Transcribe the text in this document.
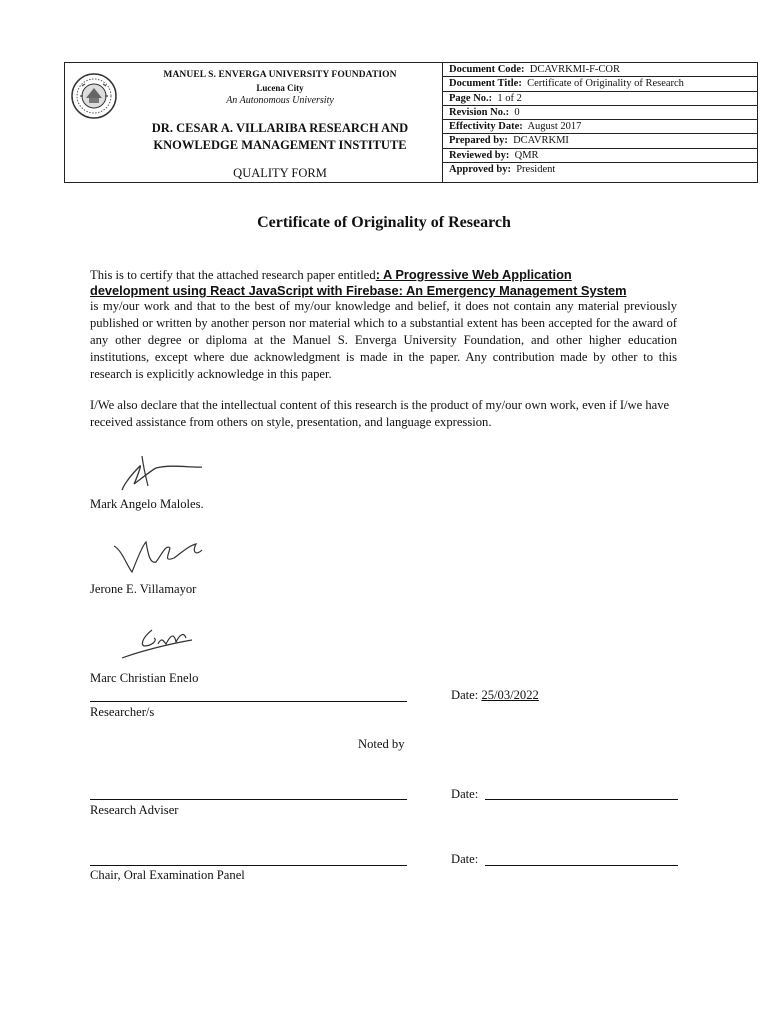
MANUEL S. ENVERGA UNIVERSITY FOUNDATION
Lucena City
An Autonomous University
DR. CESAR A. VILLARIBA RESEARCH AND
KNOWLEDGE MANAGEMENT INSTITUTE
QUALITY FORM
Document Code: DCAVRKMI-F-COR
Document Title: Certificate of Originality of Research
Page No.: 1 of 2
Revision No.: 0
Effectivity Date: August 2017
Prepared by: DCAVRKMI
Reviewed by: QMR
Approved by: President
Certificate of Originality of Research
This is to certify that the attached research paper entitled: A Progressive Web Application
development using React JavaScript with Firebase: An Emergency Management System
is my/our work and that to the best of my/our knowledge and belief, it does not contain any material previously published or written by another person nor material which to a substantial extent has been accepted for the award of any other degree or diploma at the Manuel S. Enverga University Foundation, and other higher education institutions, except where due acknowledgment is made in the paper. Any contribution made by other to this research is explicitly acknowledge in this paper.
I/We also declare that the intellectual content of this research is the product of my/our own work, even if I/we have received assistance from others on style, presentation, and language expression.
Mark Angelo Maloles.
Jerone E. Villamayor
Marc Christian Enelo
Researcher/s
Date: 25/03/2022
Noted by
Research Adviser
Date:
Chair, Oral Examination Panel
Date:
